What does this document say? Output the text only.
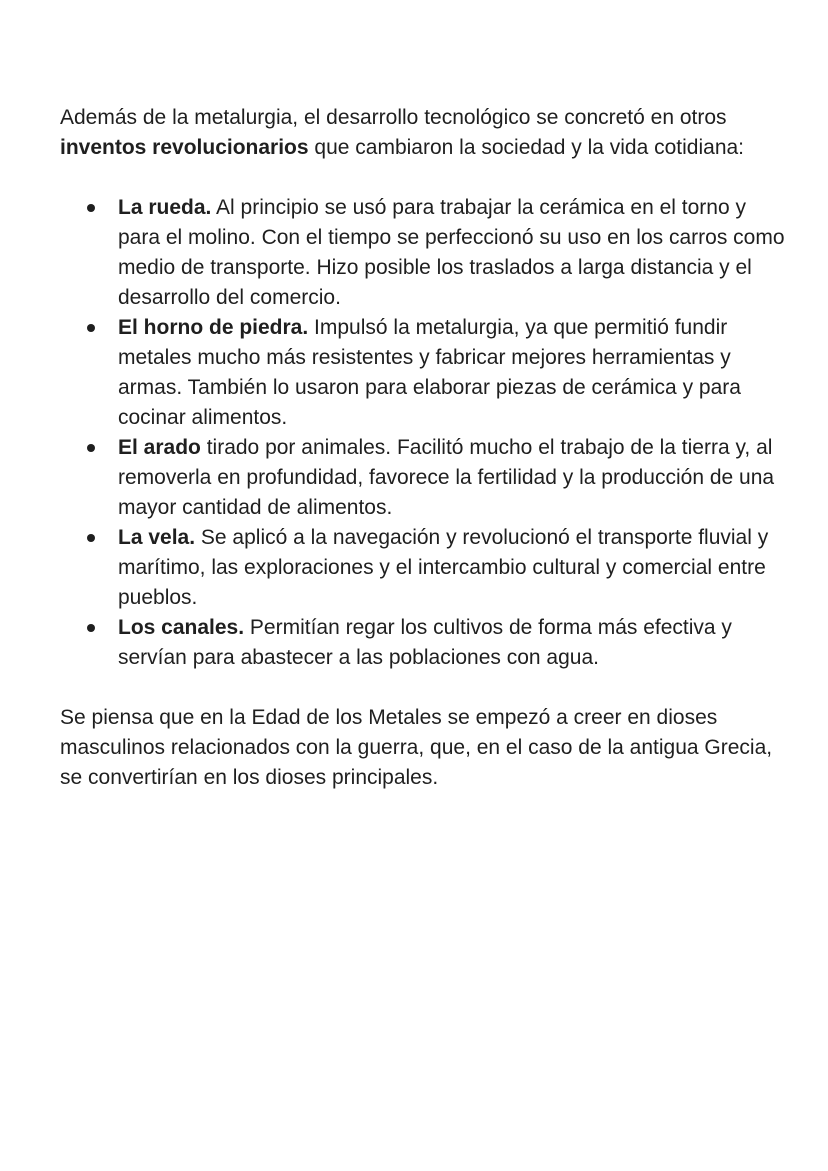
Además de la metalurgia, el desarrollo tecnológico se concretó en otros inventos revolucionarios que cambiaron la sociedad y la vida cotidiana:

La rueda. Al principio se usó para trabajar la cerámica en el torno y para el molino. Con el tiempo se perfeccionó su uso en los carros como medio de transporte. Hizo posible los traslados a larga distancia y el desarrollo del comercio.
El horno de piedra. Impulsó la metalurgia, ya que permitió fundir metales mucho más resistentes y fabricar mejores herramientas y armas. También lo usaron para elaborar piezas de cerámica y para cocinar alimentos.
El arado tirado por animales. Facilitó mucho el trabajo de la tierra y, al removerla en profundidad, favorece la fertilidad y la producción de una mayor cantidad de alimentos.
La vela. Se aplicó a la navegación y revolucionó el transporte fluvial y marítimo, las exploraciones y el intercambio cultural y comercial entre pueblos.
Los canales. Permitían regar los cultivos de forma más efectiva y servían para abastecer a las poblaciones con agua.

Se piensa que en la Edad de los Metales se empezó a creer en dioses masculinos relacionados con la guerra, que, en el caso de la antigua Grecia, se convertirían en los dioses principales.
